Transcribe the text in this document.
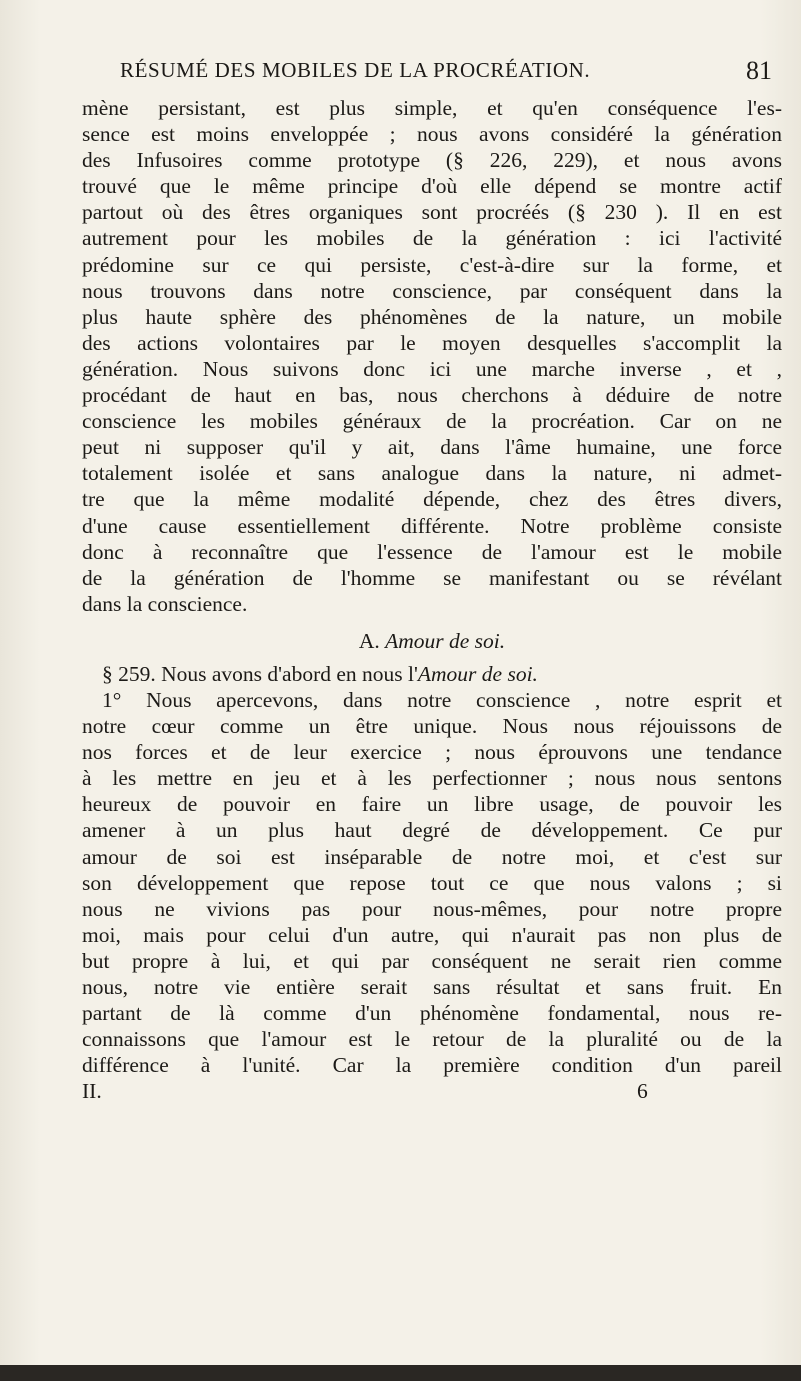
RÉSUMÉ DES MOBILES DE LA PROCRÉATION.	81
mène persistant, est plus simple, et qu'en conséquence l'es-
sence est moins enveloppée ; nous avons considéré la génération
des Infusoires comme prototype (§ 226, 229), et nous avons
trouvé que le même principe d'où elle dépend se montre actif
partout où des êtres organiques sont procréés (§ 230 ). Il en est
autrement pour les mobiles de la génération : ici l'activité
prédomine sur ce qui persiste, c'est-à-dire sur la forme, et
nous trouvons dans notre conscience, par conséquent dans la
plus haute sphère des phénomènes de la nature, un mobile
des actions volontaires par le moyen desquelles s'accomplit la
génération. Nous suivons donc ici une marche inverse , et ,
procédant de haut en bas, nous cherchons à déduire de notre
conscience les mobiles généraux de la procréation. Car on ne
peut ni supposer qu'il y ait, dans l'âme humaine, une force
totalement isolée et sans analogue dans la nature, ni admet-
tre que la même modalité dépende, chez des êtres divers,
d'une cause essentiellement différente. Notre problème consiste
donc à reconnaître que l'essence de l'amour est le mobile
de la génération de l'homme se manifestant ou se révélant
dans la conscience.
A. Amour de soi.
§ 259. Nous avons d'abord en nous l'Amour de soi.
1° Nous apercevons, dans notre conscience , notre esprit et
notre cœur comme un être unique. Nous nous réjouissons de
nos forces et de leur exercice ; nous éprouvons une tendance
à les mettre en jeu et à les perfectionner ; nous nous sentons
heureux de pouvoir en faire un libre usage, de pouvoir les
amener à un plus haut degré de développement. Ce pur
amour de soi est inséparable de notre moi, et c'est sur
son développement que repose tout ce que nous valons ; si
nous ne vivions pas pour nous-mêmes, pour notre propre
moi, mais pour celui d'un autre, qui n'aurait pas non plus de
but propre à lui, et qui par conséquent ne serait rien comme
nous, notre vie entière serait sans résultat et sans fruit. En
partant de là comme d'un phénomène fondamental, nous re-
connaissons que l'amour est le retour de la pluralité ou de la
différence à l'unité. Car la première condition d'un pareil
II.	6
